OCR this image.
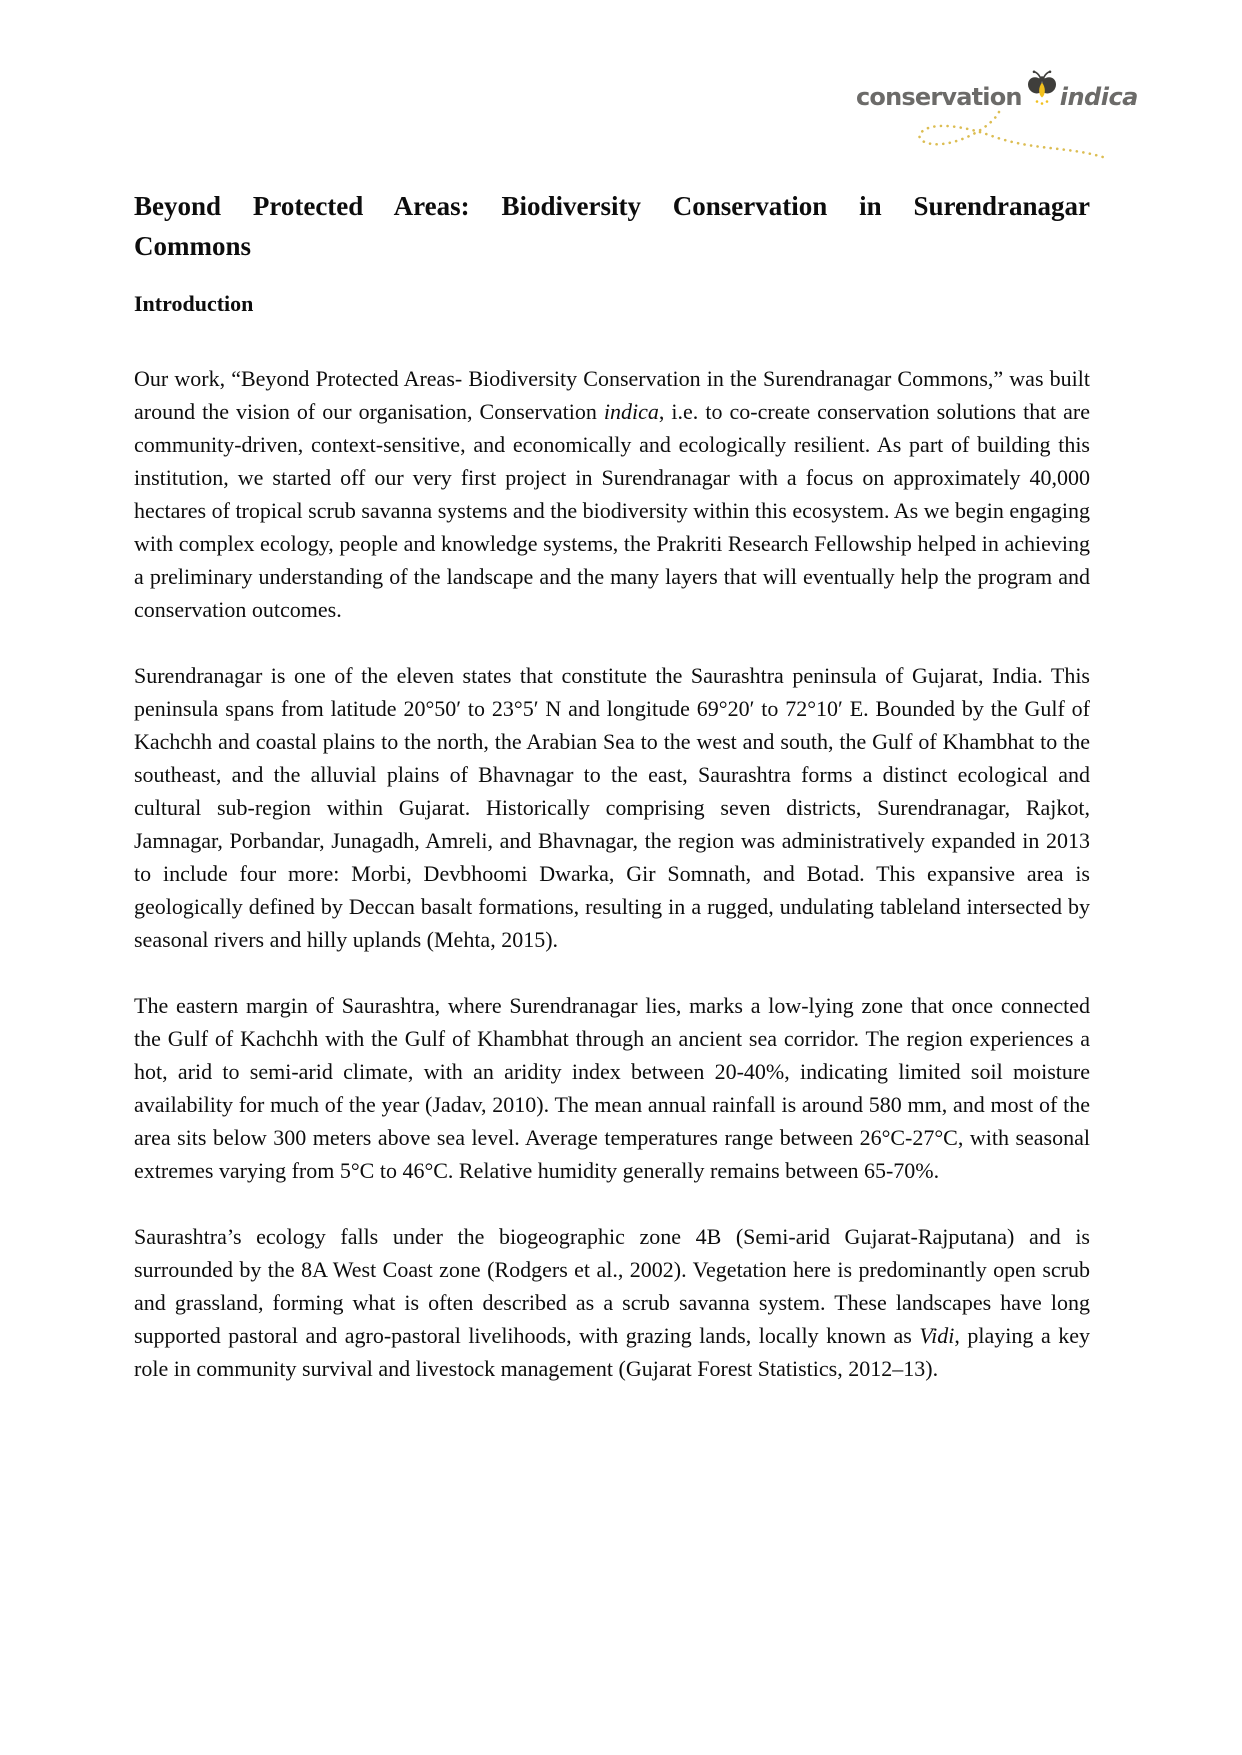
conservation indica
Beyond Protected Areas: Biodiversity Conservation in Surendranagar
Commons
Introduction

Our work, “Beyond Protected Areas- Biodiversity Conservation in the Surendranagar Commons,” was built around the vision of our organisation, Conservation indica, i.e. to co-create conservation solutions that are community-driven, context-sensitive, and economically and ecologically resilient. As part of building this institution, we started off our very first project in Surendranagar with a focus on approximately 40,000 hectares of tropical scrub savanna systems and the biodiversity within this ecosystem. As we begin engaging with complex ecology, people and knowledge systems, the Prakriti Research Fellowship helped in achieving a preliminary understanding of the landscape and the many layers that will eventually help the program and conservation outcomes.

Surendranagar is one of the eleven states that constitute the Saurashtra peninsula of Gujarat, India. This peninsula spans from latitude 20°50′ to 23°5′ N and longitude 69°20′ to 72°10′ E. Bounded by the Gulf of Kachchh and coastal plains to the north, the Arabian Sea to the west and south, the Gulf of Khambhat to the southeast, and the alluvial plains of Bhavnagar to the east, Saurashtra forms a distinct ecological and cultural sub-region within Gujarat. Historically comprising seven districts, Surendranagar, Rajkot, Jamnagar, Porbandar, Junagadh, Amreli, and Bhavnagar, the region was administratively expanded in 2013 to include four more: Morbi, Devbhoomi Dwarka, Gir Somnath, and Botad. This expansive area is geologically defined by Deccan basalt formations, resulting in a rugged, undulating tableland intersected by seasonal rivers and hilly uplands (Mehta, 2015).

The eastern margin of Saurashtra, where Surendranagar lies, marks a low-lying zone that once connected the Gulf of Kachchh with the Gulf of Khambhat through an ancient sea corridor. The region experiences a hot, arid to semi-arid climate, with an aridity index between 20-40%, indicating limited soil moisture availability for much of the year (Jadav, 2010). The mean annual rainfall is around 580 mm, and most of the area sits below 300 meters above sea level. Average temperatures range between 26°C-27°C, with seasonal extremes varying from 5°C to 46°C. Relative humidity generally remains between 65-70%.

Saurashtra’s ecology falls under the biogeographic zone 4B (Semi-arid Gujarat-Rajputana) and is surrounded by the 8A West Coast zone (Rodgers et al., 2002). Vegetation here is predominantly open scrub and grassland, forming what is often described as a scrub savanna system. These landscapes have long supported pastoral and agro-pastoral livelihoods, with grazing lands, locally known as Vidi, playing a key role in community survival and livestock management (Gujarat Forest Statistics, 2012–13).
